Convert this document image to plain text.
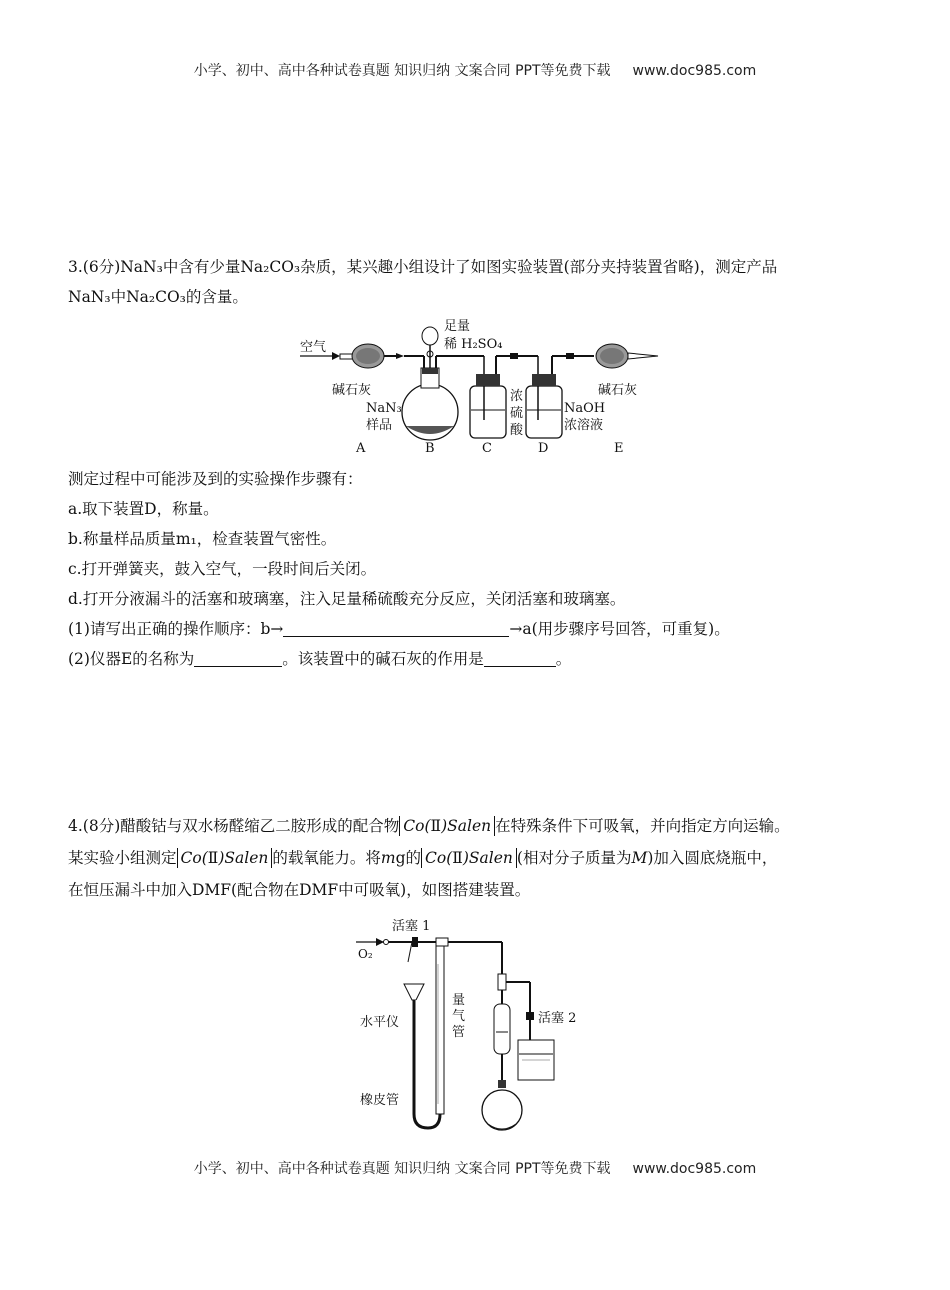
小学、初中、高中各种试卷真题 知识归纳 文案合同 PPT等免费下载 www.doc985.com
3.(6分)NaN₃中含有少量Na₂CO₃杂质，某兴趣小组设计了如图实验装置(部分夹持装置省略)，测定产品
NaN₃中Na₂CO₃的含量。
空气
足量
稀 H₂SO₄
浓
硫
酸
NaOH
浓溶液
碱石灰	碱石灰
NaN₃
样品
A	B	C	D	E
测定过程中可能涉及到的实验操作步骤有：
a.取下装置D，称量。
b.称量样品质量m₁，检查装置气密性。
c.打开弹簧夹，鼓入空气，一段时间后关闭。
d.打开分液漏斗的活塞和玻璃塞，注入足量稀硫酸充分反应，关闭活塞和玻璃塞。
(1)请写出正确的操作顺序：b→	→a(用步骤序号回答，可重复)。
(2)仪器E的名称为	。该装置中的碱石灰的作用是	。
4.(8分)醋酸钴与双水杨醛缩乙二胺形成的配合物 Co(Ⅱ)Salen 在特殊条件下可吸氧，并向指定方向运输。
某实验小组测定 Co(Ⅱ)Salen 的载氧能力。将mg的 Co(Ⅱ)Salen (相对分子质量为M)加入圆底烧瓶中，
在恒压漏斗中加入DMF(配合物在DMF中可吸氧)，如图搭建装置。
O₂
活塞 1
量
气
管
水平仪
橡皮管
活塞 2
小学、初中、高中各种试卷真题 知识归纳 文案合同 PPT等免费下载 www.doc985.com
